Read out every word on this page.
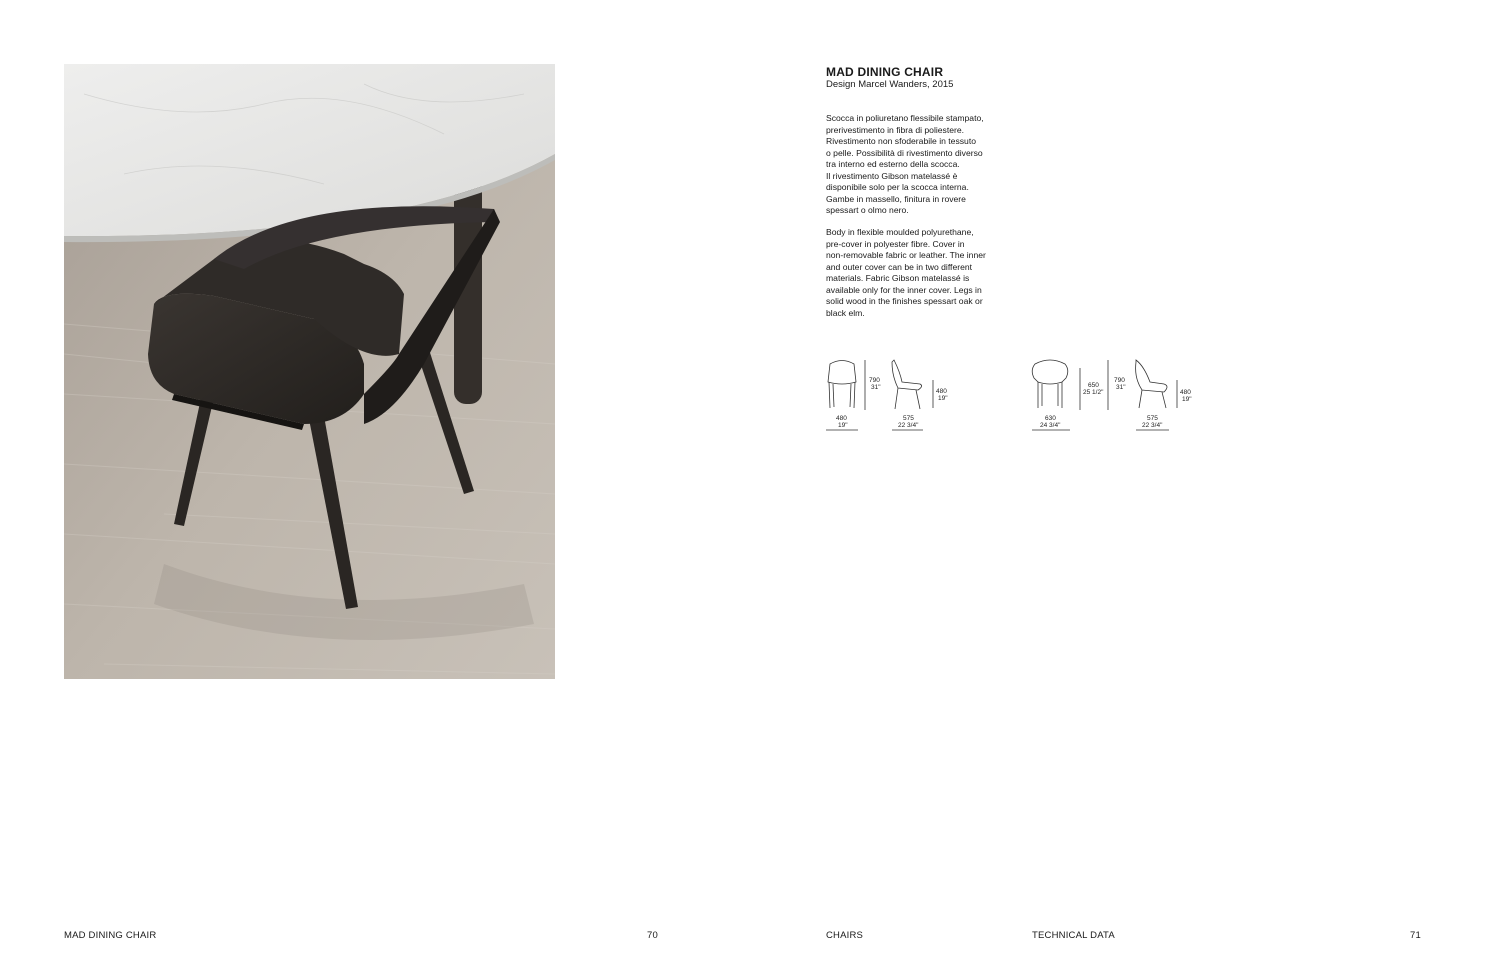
MAD DINING CHAIR
Design Marcel Wanders, 2015

Scocca in poliuretano flessibile stampato,
prerivestimento in fibra di poliestere.
Rivestimento non sfoderabile in tessuto
o pelle. Possibilità di rivestimento diverso
tra interno ed esterno della scocca.
Il rivestimento Gibson matelassé è
disponibile solo per la scocca interna.
Gambe in massello, finitura in rovere
spessart o olmo nero.

Body in flexible moulded polyurethane,
pre-cover in polyester fibre. Cover in
non-removable fabric or leather. The inner
and outer cover can be in two different
materials. Fabric Gibson matelassé is
available only for the inner cover. Legs in
solid wood in the finishes spessart oak or
black elm.

790
31"
480
19"
480
19"
575
22 3/4"
650
25 1/2"
790
31"
630
24 3/4"
480
19"
575
22 3/4"
MAD DINING CHAIR	70	CHAIRS	TECHNICAL DATA	71
